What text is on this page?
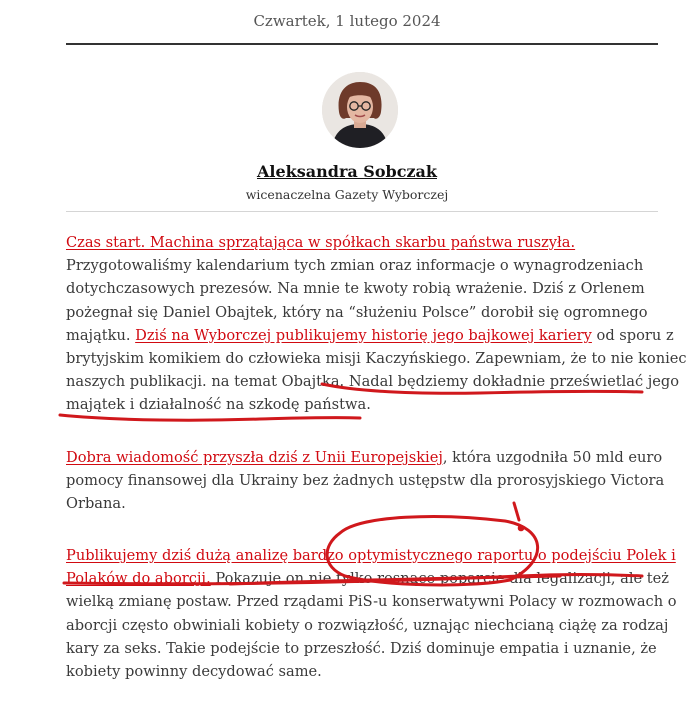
Czwartek, 1 lutego 2024
Aleksandra Sobczak
wicenaczelna Gazety Wyborczej
Czas start. Machina sprzątająca w spółkach skarbu państwa ruszyła.
Przygotowaliśmy kalendarium tych zmian oraz informacje o wynagrodzeniach
dotychczasowych prezesów. Na mnie te kwoty robią wrażenie. Dziś z Orlenem
pożegnał się Daniel Obajtek, który na “służeniu Polsce” dorobił się ogromnego
majątku. Dziś na Wyborczej publikujemy historię jego bajkowej kariery od sporu z
brytyjskim komikiem do człowieka misji Kaczyńskiego. Zapewniam, że to nie koniec
naszych publikacji. na temat Obajtka. Nadal będziemy dokładnie prześwietlać jego
majątek i działalność na szkodę państwa.
Dobra wiadomość przyszła dziś z Unii Europejskiej, która uzgodniła 50 mld euro
pomocy finansowej dla Ukrainy bez żadnych ustępstw dla prorosyjskiego Victora
Orbana.
Publikujemy dziś dużą analizę bardzo optymistycznego raportu o podejściu Polek i
Polaków do aborcji. Pokazuje on nie tylko rosnące poparcie dla legalizacji, ale też
wielką zmianę postaw. Przed rządami PiS-u konserwatywni Polacy w rozmowach o
aborcji często obwiniali kobiety o rozwiązłość, uznając niechcianą ciążę za rodzaj
kary za seks. Takie podejście to przeszłość. Dziś dominuje empatia i uznanie, że
kobiety powinny decydować same.
